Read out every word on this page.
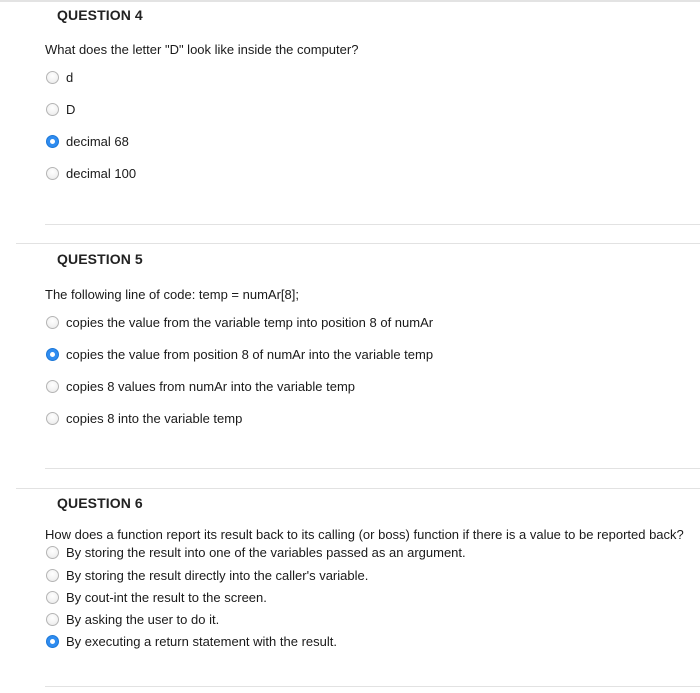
QUESTION 4
What does the letter "D" look like inside the computer?
d
D
decimal 68
decimal 100
QUESTION 5
The following line of code: temp = numAr[8];
copies the value from the variable temp into position 8 of numAr
copies the value from position 8 of numAr into the variable temp
copies 8 values from numAr into the variable temp
copies 8 into the variable temp
QUESTION 6
How does a function report its result back to its calling (or boss) function if there is a value to be reported back?
By storing the result into one of the variables passed as an argument.
By storing the result directly into the caller's variable.
By cout-int the result to the screen.
By asking the user to do it.
By executing a return statement with the result.
